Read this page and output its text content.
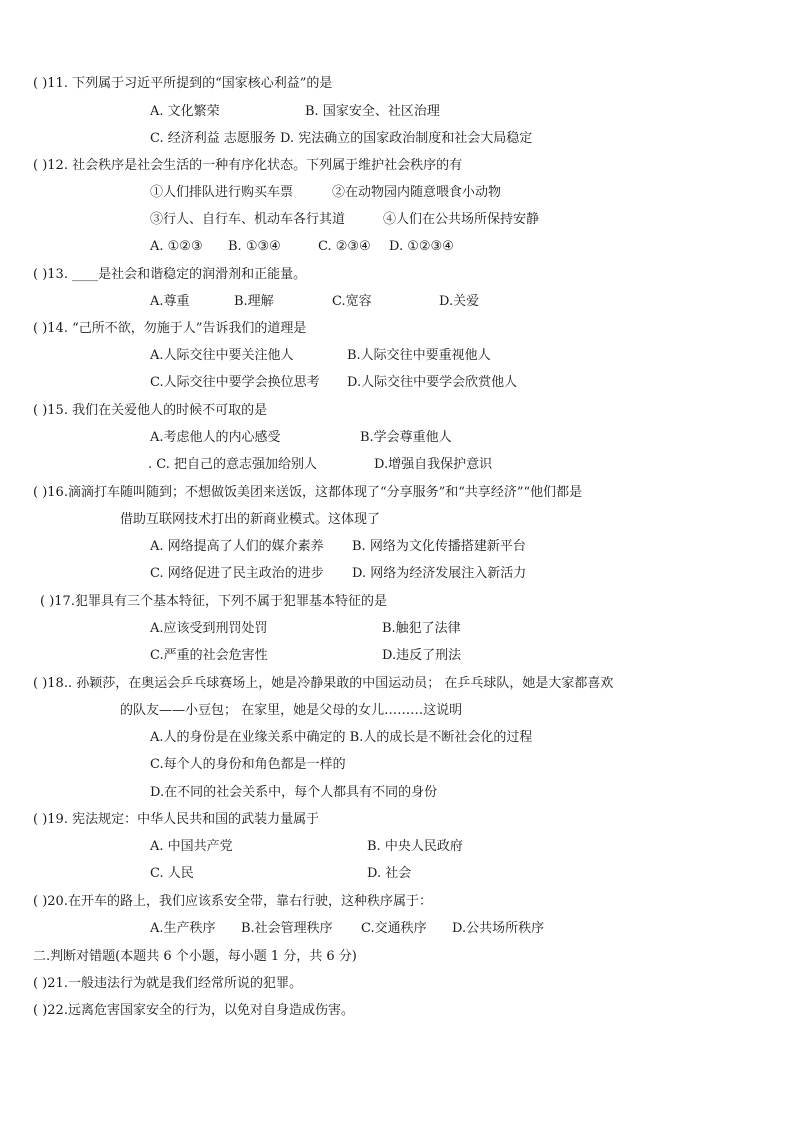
( )11. 下列属于习近平所提到的“国家核心利益”的是
A. 文化繁荣	B. 国家安全、社区治理
C. 经济利益 志愿服务 D. 宪法确立的国家政治制度和社会大局稳定
( )12. 社会秩序是社会生活的一种有序化状态。下列属于维护社会秩序的有
①人们排队进行购买车票	②在动物园内随意喂食小动物
③行人、自行车、机动车各行其道	④人们在公共场所保持安静
A. ①②③ B. ①③④	C. ②③④ D. ①②③④
( )13. ____是社会和谐稳定的润滑剂和正能量。
A.尊重	B.理解	C.宽容	D.关爱
( )14. “己所不欲，勿施于人”告诉我们的道理是
A.人际交往中要关注他人	B.人际交往中要重视他人
C.人际交往中要学会换位思考 D.人际交往中要学会欣赏他人
( )15. 我们在关爱他人的时候不可取的是
A.考虑他人的内心感受	B.学会尊重他人
. C. 把自己的意志强加给别人	D.增强自我保护意识
( )16.滴滴打车随叫随到；不想做饭美团来送饭，这都体现了“分享服务”和“共享经济”“他们都是
借助互联网技术打出的新商业模式。这体现了
A. 网络提高了人们的媒介素养 B. 网络为文化传播搭建新平台
C. 网络促进了民主政治的进步 D. 网络为经济发展注入新活力
( )17.犯罪具有三个基本特征，下列不属于犯罪基本特征的是
A.应该受到刑罚处罚	B.触犯了法律
C.严重的社会危害性	D.违反了刑法
( )18.. 孙颖莎，在奥运会乒乓球赛场上，她是冷静果敢的中国运动员； 在乒乓球队，她是大家都喜欢
的队友——小豆包； 在家里，她是父母的女儿………这说明
A.人的身份是在业缘关系中确定的 B.人的成长是不断社会化的过程
C.每个人的身份和角色都是一样的
D.在不同的社会关系中，每个人都具有不同的身份
( )19. 宪法规定：中华人民共和国的武装力量属于
A. 中国共产党	B. 中央人民政府
C. 人民	D. 社会
( )20.在开车的路上，我们应该系安全带，靠右行驶，这种秩序属于：
A.生产秩序 B.社会管理秩序 C.交通秩序 D.公共场所秩序
二.判断对错题(本题共 6 个小题，每小题 1 分，共 6 分)
( )21.一般违法行为就是我们经常所说的犯罪。
( )22.远离危害国家安全的行为，以免对自身造成伤害。
